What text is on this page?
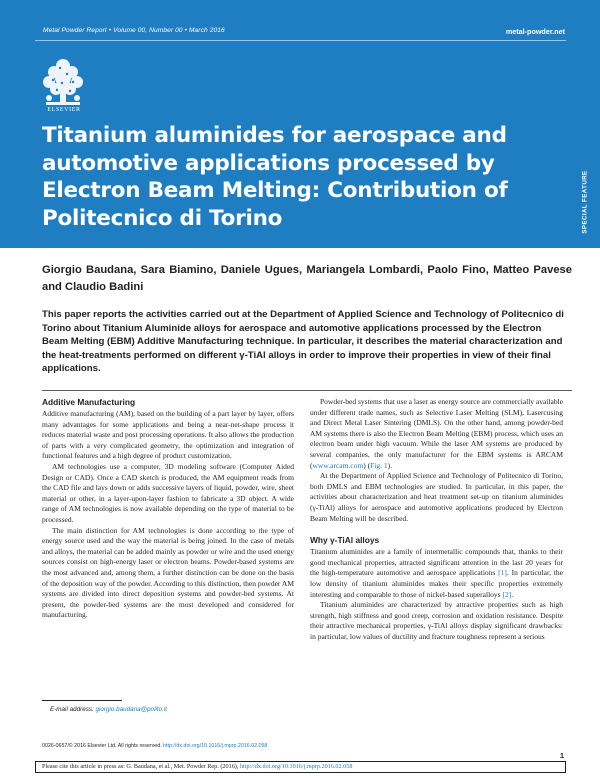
Metal Powder Report • Volume 00, Number 00 • March 2016	metal-powder.net
ELSEVIER
Titanium aluminides for aerospace and automotive applications processed by Electron Beam Melting: Contribution of Politecnico di Torino	SPECIAL FEATURE
Giorgio Baudana, Sara Biamino, Daniele Ugues, Mariangela Lombardi, Paolo Fino, Matteo Pavese and Claudio Badini
This paper reports the activities carried out at the Department of Applied Science and Technology of Politecnico di Torino about Titanium Aluminide alloys for aerospace and automotive applications processed by the Electron Beam Melting (EBM) Additive Manufacturing technique. In particular, it describes the material characterization and the heat-treatments performed on different γ-TiAl alloys in order to improve their properties in view of their final applications.
Additive Manufacturing

Additive manufacturing (AM), based on the building of a part layer by layer, offers many advantages for some applications and being a near-net-shape process it reduces material waste and post processing operations. It also allows the production of parts with a very complicated geometry, the optimization and integration of functional features and a high degree of product customization.

AM technologies use a computer, 3D modeling software (Computer Aided Design or CAD). Once a CAD sketch is produced, the AM equipment reads from the CAD file and lays down or adds successive layers of liquid, powder, wire, sheet material or other, in a layer-upon-layer fashion to fabricate a 3D object. A wide range of AM technologies is now available depending on the type of material to be processed.

The main distinction for AM technologies is done according to the type of energy source used and the way the material is being joined. In the case of metals and alloys, the material can be added mainly as powder or wire and the used energy sources consist on high-energy laser or electron beams. Powder-based systems are the most advanced and, among them, a further distinction can be done on the basis of the deposition way of the powder. According to this distinction, then powder AM systems are divided into direct deposition systems and powder-bed systems. At present, the powder-bed systems are the most developed and considered for manufacturing.

Powder-bed systems that use a laser as energy source are commercially available under different trade names, such as Selective Laser Melting (SLM), Lasercusing and Direct Metal Laser Sintering (DMLS). On the other hand, among powder-bed AM systems there is also the Electron Beam Melting (EBM) process, which uses an electron beam under high vacuum. While the laser AM systems are produced by several companies, the only manufacturer for the EBM systems is ARCAM (www.arcam.com) (Fig. 1).

At the Department of Applied Science and Technology of Politecnico di Torino, both DMLS and EBM technologies are studied. In particular, in this paper, the activities about characterization and heat treatment set-up on titanium aluminides (γ-TiAl) alloys for aerospace and automotive applications produced by Electron Beam Melting will be described.

Why γ-TiAl alloys

Titanium aluminides are a family of intermetallic compounds that, thanks to their good mechanical properties, attracted significant attention in the last 20 years for the high-temperature automotive and aerospace applications [1]. In particular, the low density of titanium aluminides makes their specific properties extremely interesting and comparable to those of nickel-based superalloys [2].

Titanium aluminides are characterized by attractive properties such as high strength, high stiffness and good creep, corrosion and oxidation resistance. Despite their attractive mechanical properties, γ-TiAl alloys display significant drawbacks: in particular, low values of ductility and fracture toughness represent a serious

E-mail address: giorgio.baudana@polito.it
0026-0657/© 2016 Elsevier Ltd. All rights reserved. http://dx.doi.org/10.1016/j.mprp.2016.02.058
1
Please cite this article in press as: G. Baudana, et al., Met. Powder Rep. (2016), http://dx.doi.org/10.1016/j.mprp.2016.02.058
